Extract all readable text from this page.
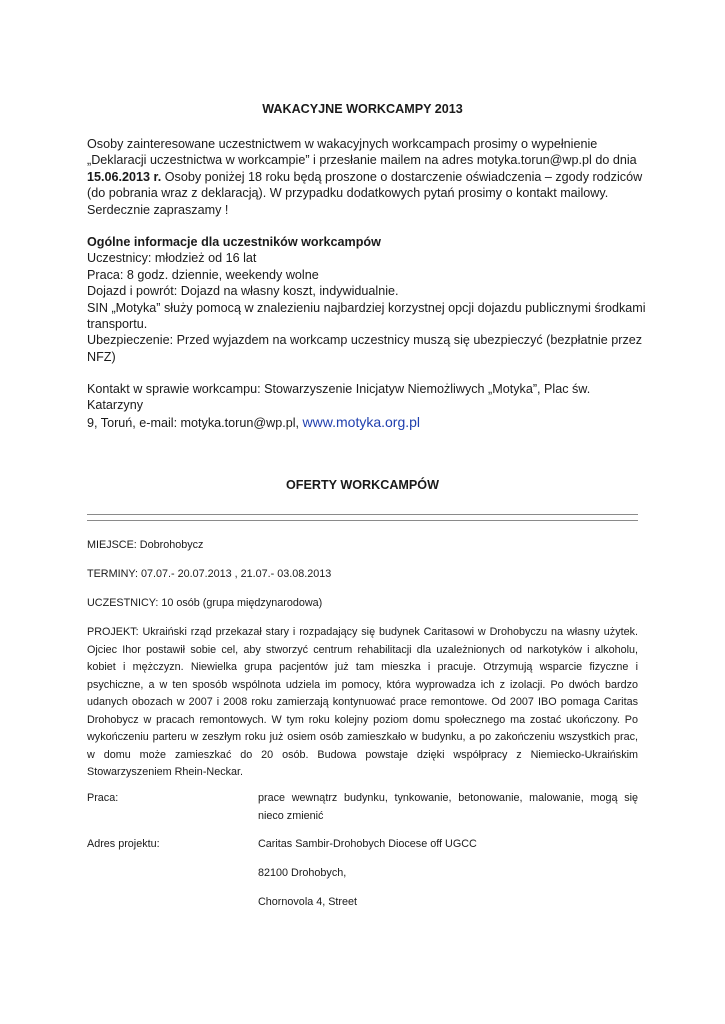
WAKACYJNE WORKCAMPY 2013

Osoby zainteresowane uczestnictwem w wakacyjnych workcampach prosimy o wypełnienie

„Deklaracji uczestnictwa w workcampie” i przesłanie mailem na adres motyka.torun@wp.pl do dnia

15.06.2013 r. Osoby poniżej 18 roku będą proszone o dostarczenie oświadczenia – zgody rodziców

(do pobrania wraz z deklaracją). W przypadku dodatkowych pytań prosimy o kontakt mailowy.

Serdecznie zapraszamy !

Ogólne informacje dla uczestników workcampów

Uczestnicy: młodzież od 16 lat

Praca: 8 godz. dziennie, weekendy wolne

Dojazd i powrót: Dojazd na własny koszt, indywidualnie.

SIN „Motyka” służy pomocą w znalezieniu najbardziej korzystnej opcji dojazdu publicznymi środkami

transportu.

Ubezpieczenie: Przed wyjazdem na workcamp uczestnicy muszą się ubezpieczyć (bezpłatnie przez

NFZ)

Kontakt w sprawie workcampu: Stowarzyszenie Inicjatyw Niemożliwych „Motyka”, Plac św. Katarzyny

9, Toruń, e-mail: motyka.torun@wp.pl, www.motyka.org.pl

OFERTY WORKCAMPÓW
MIEJSCE: Dobrohobycz
TERMINY: 07.07.- 20.07.2013 , 21.07.- 03.08.2013
UCZESTNICY: 10 osób (grupa międzynarodowa)

PROJEKT: Ukraiński rząd przekazał stary i rozpadający się budynek Caritasowi w Drohobyczu na własny użytek.

Ojciec Ihor postawił sobie cel, aby stworzyć centrum rehabilitacji dla uzależnionych od narkotyków i alkoholu,

kobiet i mężczyzn. Niewielka grupa pacjentów już tam mieszka i pracuje. Otrzymują wsparcie fizyczne i

psychiczne, a w ten sposób wspólnota udziela im pomocy, która wyprowadza ich z izolacji. Po dwóch bardzo

udanych obozach w 2007 i 2008 roku zamierzają kontynuować prace remontowe. Od 2007 IBO pomaga Caritas

Drohobycz w pracach remontowych. W tym roku kolejny poziom domu społecznego ma zostać ukończony. Po

wykończeniu parteru w zeszłym roku już osiem osób zamieszkało w budynku, a po zakończeniu wszystkich prac,

w domu może zamieszkać do 20 osób. Budowa powstaje dzięki współpracy z Niemiecko-Ukraińskim

Stowarzyszeniem Rhein-Neckar.

Praca:	prace wewnątrz budynku, tynkowanie, betonowanie, malowanie, mogą się

nieco zmienić

Adres projektu:	Caritas Sambir-Drohobych Diocese off UGCC
82100 Drohobych,
Chornovola 4, Street
